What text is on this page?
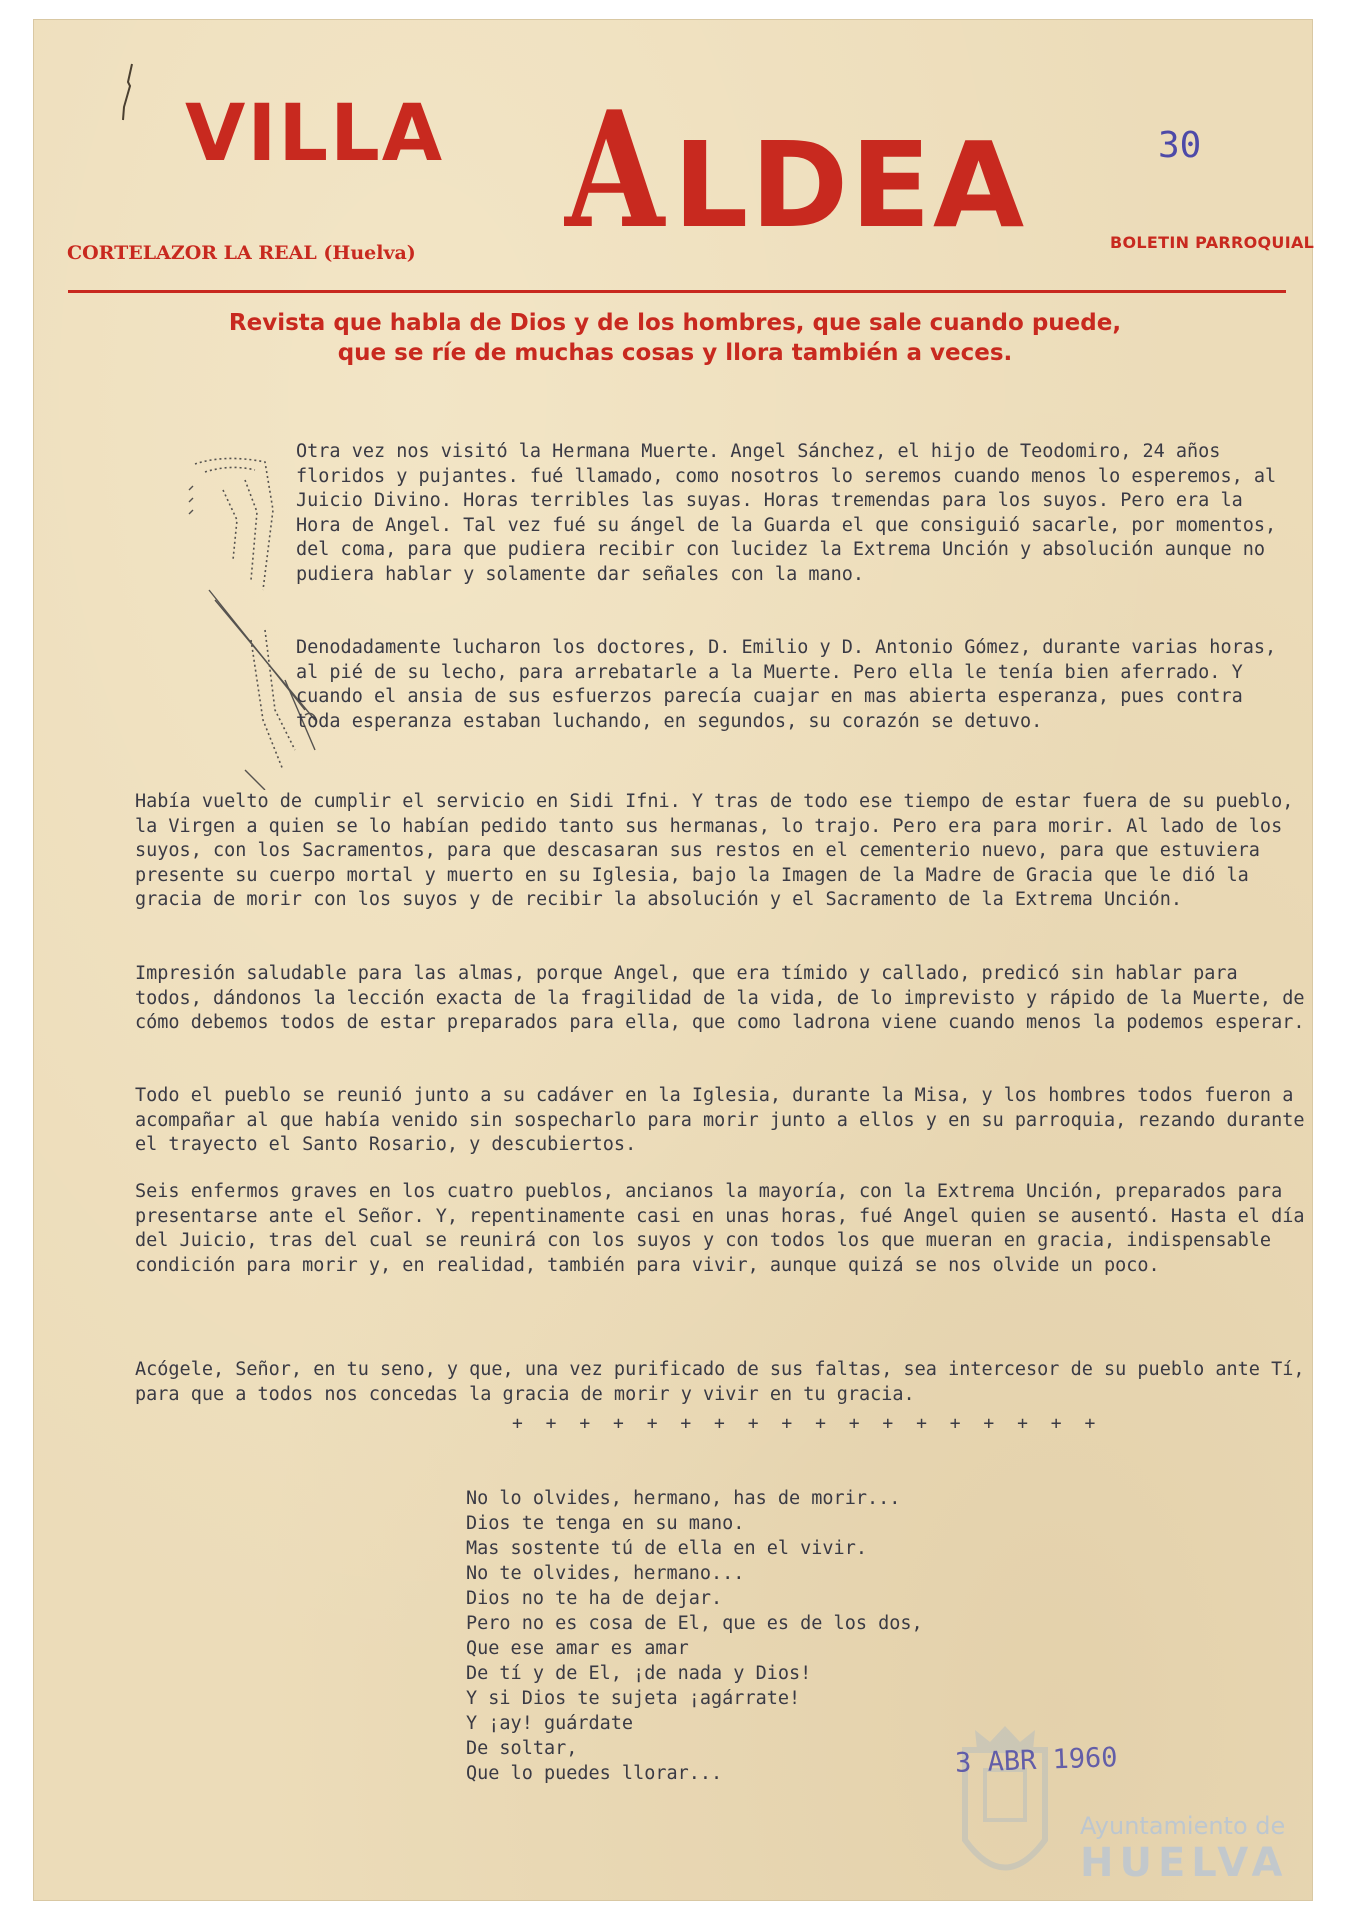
VILLA ALDEA	30
CORTELAZOR LA REAL (Huelva)	BOLETIN PARROQUIAL
Revista que habla de Dios y de los hombres, que sale cuando puede,
que se ríe de muchas cosas y llora también a veces.
Otra vez nos visitó la Hermana Muerte. Angel Sánchez, el hijo de Teodomiro, 24 años floridos y pujantes. fué llamado, como nosotros lo seremos cuando menos lo esperemos, al Juicio Divino. Horas terribles las suyas. Horas tremendas para los suyos. Pero era la Hora de Angel. Tal vez fué su ángel de la Guarda el que consiguió sacarle, por momentos, del coma, para que pudiera recibir con lucidez la Extrema Unción y absolución aunque no pudiera hablar y solamente dar señales con la mano.
Denodadamente lucharon los doctores, D. Emilio y D. Antonio Gómez, durante varias horas, al pié de su lecho, para arrebatarle a la Muerte. Pero ella le tenía bien aferrado. Y cuando el ansia de sus esfuerzos parecía cuajar en mas abierta esperanza, pues contra toda esperanza estaban luchando, en segundos, su corazón se detuvo.
Había vuelto de cumplir el servicio en Sidi Ifni. Y tras de todo ese tiempo de estar fuera de su pueblo, la Virgen a quien se lo habían pedido tanto sus hermanas, lo trajo. Pero era para morir. Al lado de los suyos, con los Sacramentos, para que descasaran sus restos en el cementerio nuevo, para que estuviera presente su cuerpo mortal y muerto en su Iglesia, bajo la Imagen de la Madre de Gracia que le dió la gracia de morir con los suyos y de recibir la absolución y el Sacramento de la Extrema Unción.
Impresión saludable para las almas, porque Angel, que era tímido y callado, predicó sin hablar para todos, dándonos la lección exacta de la fragilidad de la vida, de lo imprevisto y rápido de la Muerte, de cómo debemos todos de estar preparados para ella, que como ladrona viene cuando menos la podemos esperar.
Todo el pueblo se reunió junto a su cadáver en la Iglesia, durante la Misa, y los hombres todos fueron a acompañar al que había venido sin sospecharlo para morir junto a ellos y en su parroquia, rezando durante el trayecto el Santo Rosario, y descubiertos.
Seis enfermos graves en los cuatro pueblos, ancianos la mayoría, con la Extrema Unción, preparados para presentarse ante el Señor. Y, repentinamente casi en unas horas, fué Angel quien se ausentó. Hasta el día del Juicio, tras del cual se reunirá con los suyos y con todos los que mueran en gracia, indispensable condición para morir y, en realidad, también para vivir, aunque quizá se nos olvide un poco.
Acógele, Señor, en tu seno, y que, una vez purificado de sus faltas, sea intercesor de su pueblo ante Tí, para que a todos nos concedas la gracia de morir y vivir en tu gracia.
+ + + + + + + + + + + + + + + + + +
No lo olvides, hermano, has de morir...
Dios te tenga en su mano.
Mas sostente tú de ella en el vivir.
No te olvides, hermano...
Dios no te ha de dejar.
Pero no es cosa de El, que es de los dos,
Que ese amar es amar
De tí y de El, ¡de nada y Dios!
Y si Dios te sujeta ¡agárrate!
Y ¡ay! guárdate
De soltar,
Que lo puedes llorar...	3 ABR 1960
Ayuntamiento de
HUELVA
